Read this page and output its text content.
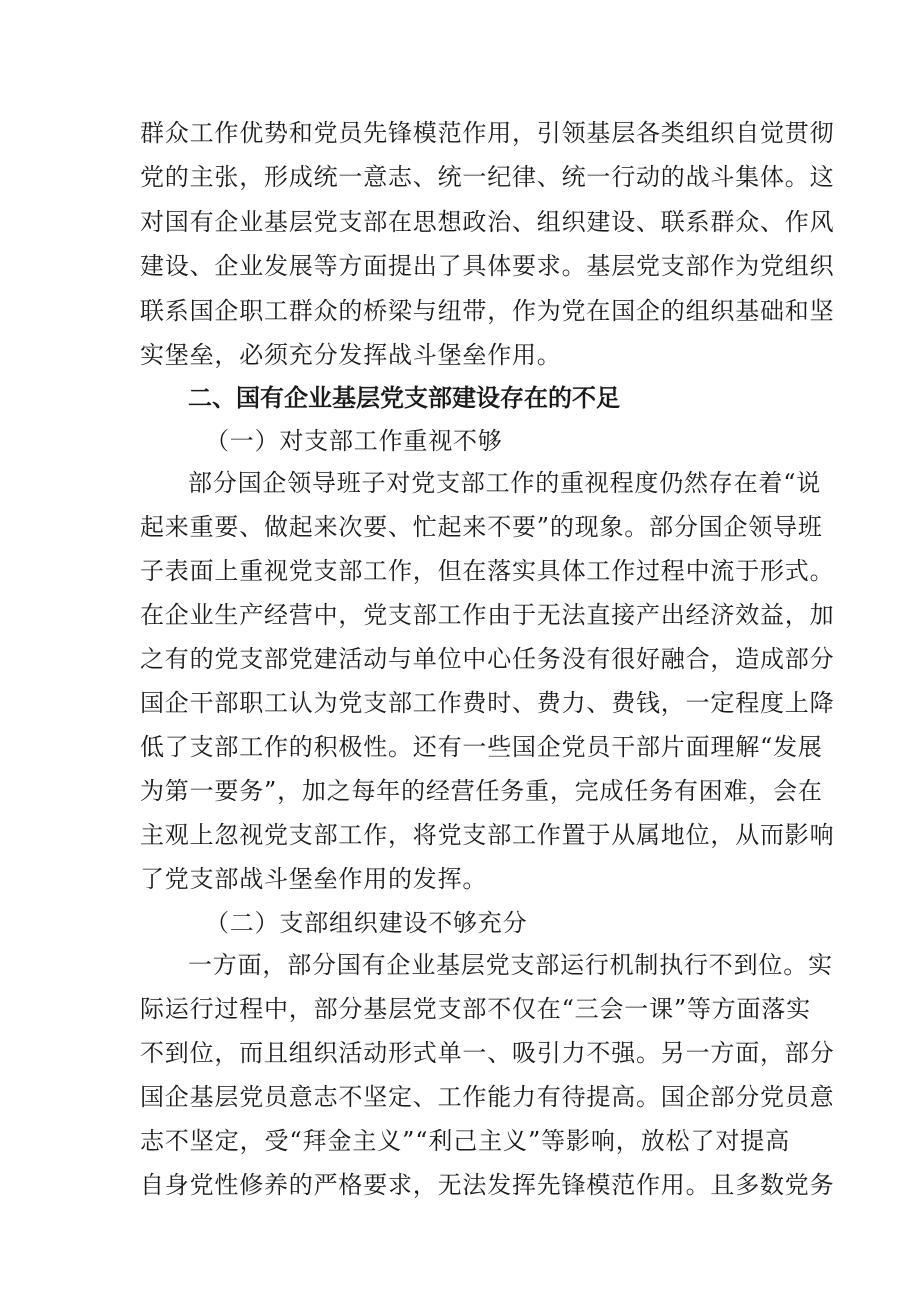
群众工作优势和党员先锋模范作用，引领基层各类组织自觉贯彻
党的主张，形成统一意志、统一纪律、统一行动的战斗集体。这
对国有企业基层党支部在思想政治、组织建设、联系群众、作风
建设、企业发展等方面提出了具体要求。基层党支部作为党组织
联系国企职工群众的桥梁与纽带，作为党在国企的组织基础和坚
实堡垒，必须充分发挥战斗堡垒作用。
二、国有企业基层党支部建设存在的不足
（一）对支部工作重视不够
部分国企领导班子对党支部工作的重视程度仍然存在着“说
起来重要、做起来次要、忙起来不要”的现象。部分国企领导班
子表面上重视党支部工作，但在落实具体工作过程中流于形式。
在企业生产经营中，党支部工作由于无法直接产出经济效益，加
之有的党支部党建活动与单位中心任务没有很好融合，造成部分
国企干部职工认为党支部工作费时、费力、费钱，一定程度上降
低了支部工作的积极性。还有一些国企党员干部片面理解“发展
为第一要务”，加之每年的经营任务重，完成任务有困难，会在
主观上忽视党支部工作，将党支部工作置于从属地位，从而影响
了党支部战斗堡垒作用的发挥。
（二）支部组织建设不够充分
一方面，部分国有企业基层党支部运行机制执行不到位。实
际运行过程中，部分基层党支部不仅在“三会一课”等方面落实
不到位，而且组织活动形式单一、吸引力不强。另一方面，部分
国企基层党员意志不坚定、工作能力有待提高。国企部分党员意
志不坚定，受“拜金主义”“利己主义”等影响，放松了对提高
自身党性修养的严格要求，无法发挥先锋模范作用。且多数党务
